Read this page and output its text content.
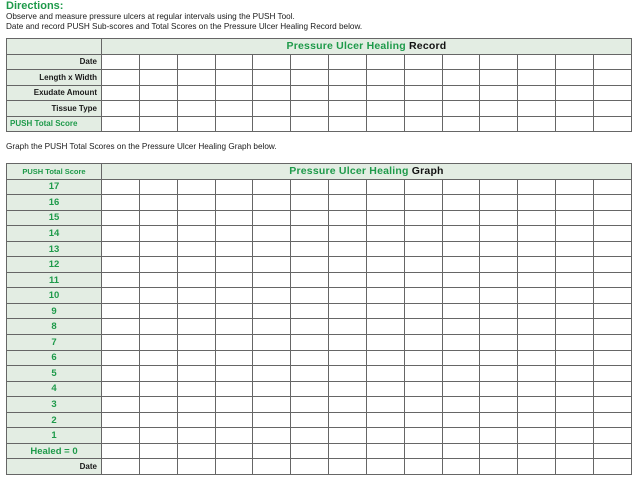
Directions:
Observe and measure pressure ulcers at regular intervals using the PUSH Tool.
Date and record PUSH Sub-scores and Total Scores on the Pressure Ulcer Healing Record below.
	Pressure Ulcer Healing Record													
Date														
Length x Width														
Exudate Amount														
Tissue Type														
PUSH Total Score														
Graph the PUSH Total Scores on the Pressure Ulcer Healing Graph below.
PUSH Total Score	Pressure Ulcer Healing Graph													
17														
16														
15														
14														
13														
12														
11														
10														
9														
8														
7														
6														
5														
4														
3														
2														
1														
Healed = 0														
Date														
